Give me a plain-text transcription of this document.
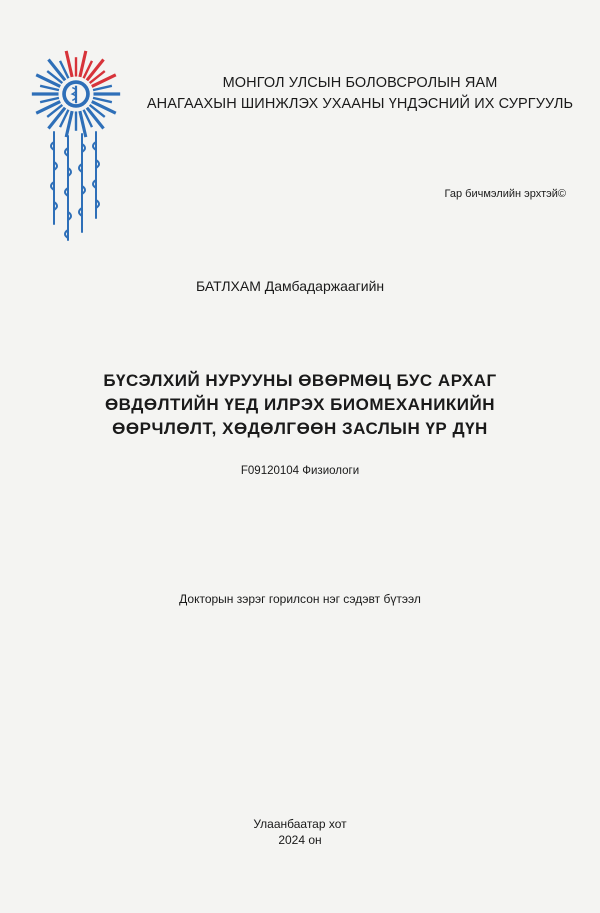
МОНГОЛ УЛСЫН БОЛОВСРОЛЫН ЯАМ
АНАГААХЫН ШИНЖЛЭХ УХААНЫ ҮНДЭСНИЙ ИХ СУРГУУЛЬ
Гар бичмэлийн эрхтэй©
БАТЛХАМ Дамбадаржаагийн
БҮСЭЛХИЙ НУРУУНЫ ӨВӨРМӨЦ БУС АРХАГ
ӨВДӨЛТИЙН ҮЕД ИЛРЭХ БИОМЕХАНИКИЙН
ӨӨРЧЛӨЛТ, ХӨДӨЛГӨӨН ЗАСЛЫН ҮР ДҮН
F09120104 Физиологи
Докторын зэрэг горилсон нэг сэдэвт бүтээл
Улаанбаатар хот
2024 он
